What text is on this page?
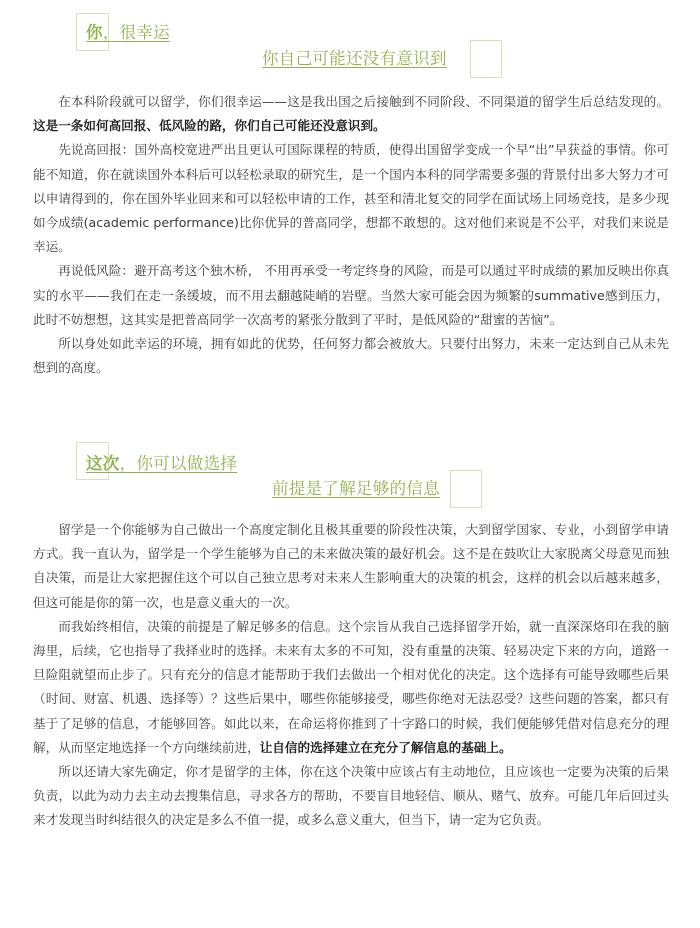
你，很幸运
你自己可能还没有意识到

在本科阶段就可以留学，你们很幸运——这是我出国之后接触到不同阶段、不同渠道的留学生后总结发现的。这是一条如何高回报、低风险的路，你们自己可能还没意识到。

先说高回报：国外高校宽进严出且更认可国际课程的特质，使得出国留学变成一个早“出”早获益的事情。你可能不知道，你在就读国外本科后可以轻松录取的研究生，是一个国内本科的同学需要多强的背景付出多大努力才可以申请得到的，你在国外毕业回来和可以轻松申请的工作，甚至和清北复交的同学在面试场上同场竞技，是多少现如今成绩(academic performance)比你优异的普高同学，想都不敢想的。这对他们来说是不公平，对我们来说是幸运。

再说低风险：避开高考这个独木桥， 不用再承受一考定终身的风险，而是可以通过平时成绩的累加反映出你真实的水平——我们在走一条缓坡，而不用去翻越陡峭的岩壁。当然大家可能会因为频繁的summative感到压力，此时不妨想想，这其实是把普高同学一次高考的紧张分散到了平时，是低风险的“甜蜜的苦恼”。

所以身处如此幸运的环境，拥有如此的优势，任何努力都会被放大。只要付出努力，未来一定达到自己从未先想到的高度。

这次，你可以做选择
前提是了解足够的信息

留学是一个你能够为自己做出一个高度定制化且极其重要的阶段性决策，大到留学国家、专业，小到留学申请方式。我一直认为，留学是一个学生能够为自己的未来做决策的最好机会。这不是在鼓吹让大家脱离父母意见而独自决策，而是让大家把握住这个可以自己独立思考对未来人生影响重大的决策的机会，这样的机会以后越来越多，但这可能是你的第一次，也是意义重大的一次。

而我始终相信，决策的前提是了解足够多的信息。这个宗旨从我自己选择留学开始，就一直深深烙印在我的脑海里，后续，它也指导了我择业时的选择。未来有太多的不可知，没有重量的决策、轻易决定下来的方向，道路一旦险阻就望而止步了。只有充分的信息才能帮助于我们去做出一个相对优化的决定。这个选择有可能导致哪些后果（时间、财富、机遇、选择等）？这些后果中，哪些你能够接受，哪些你绝对无法忍受？这些问题的答案，都只有基于了足够的信息，才能够回答。如此以来，在命运将你推到了十字路口的时候，我们便能够凭借对信息充分的理解，从而坚定地选择一个方向继续前进，让自信的选择建立在充分了解信息的基础上。

所以还请大家先确定，你才是留学的主体，你在这个决策中应该占有主动地位，且应该也一定要为决策的后果负责，以此为动力去主动去搜集信息，寻求各方的帮助，不要盲目地轻信、顺从、赌气、放弃。可能几年后回过头来才发现当时纠结很久的决定是多么不值一提，或多么意义重大，但当下，请一定为它负责。
